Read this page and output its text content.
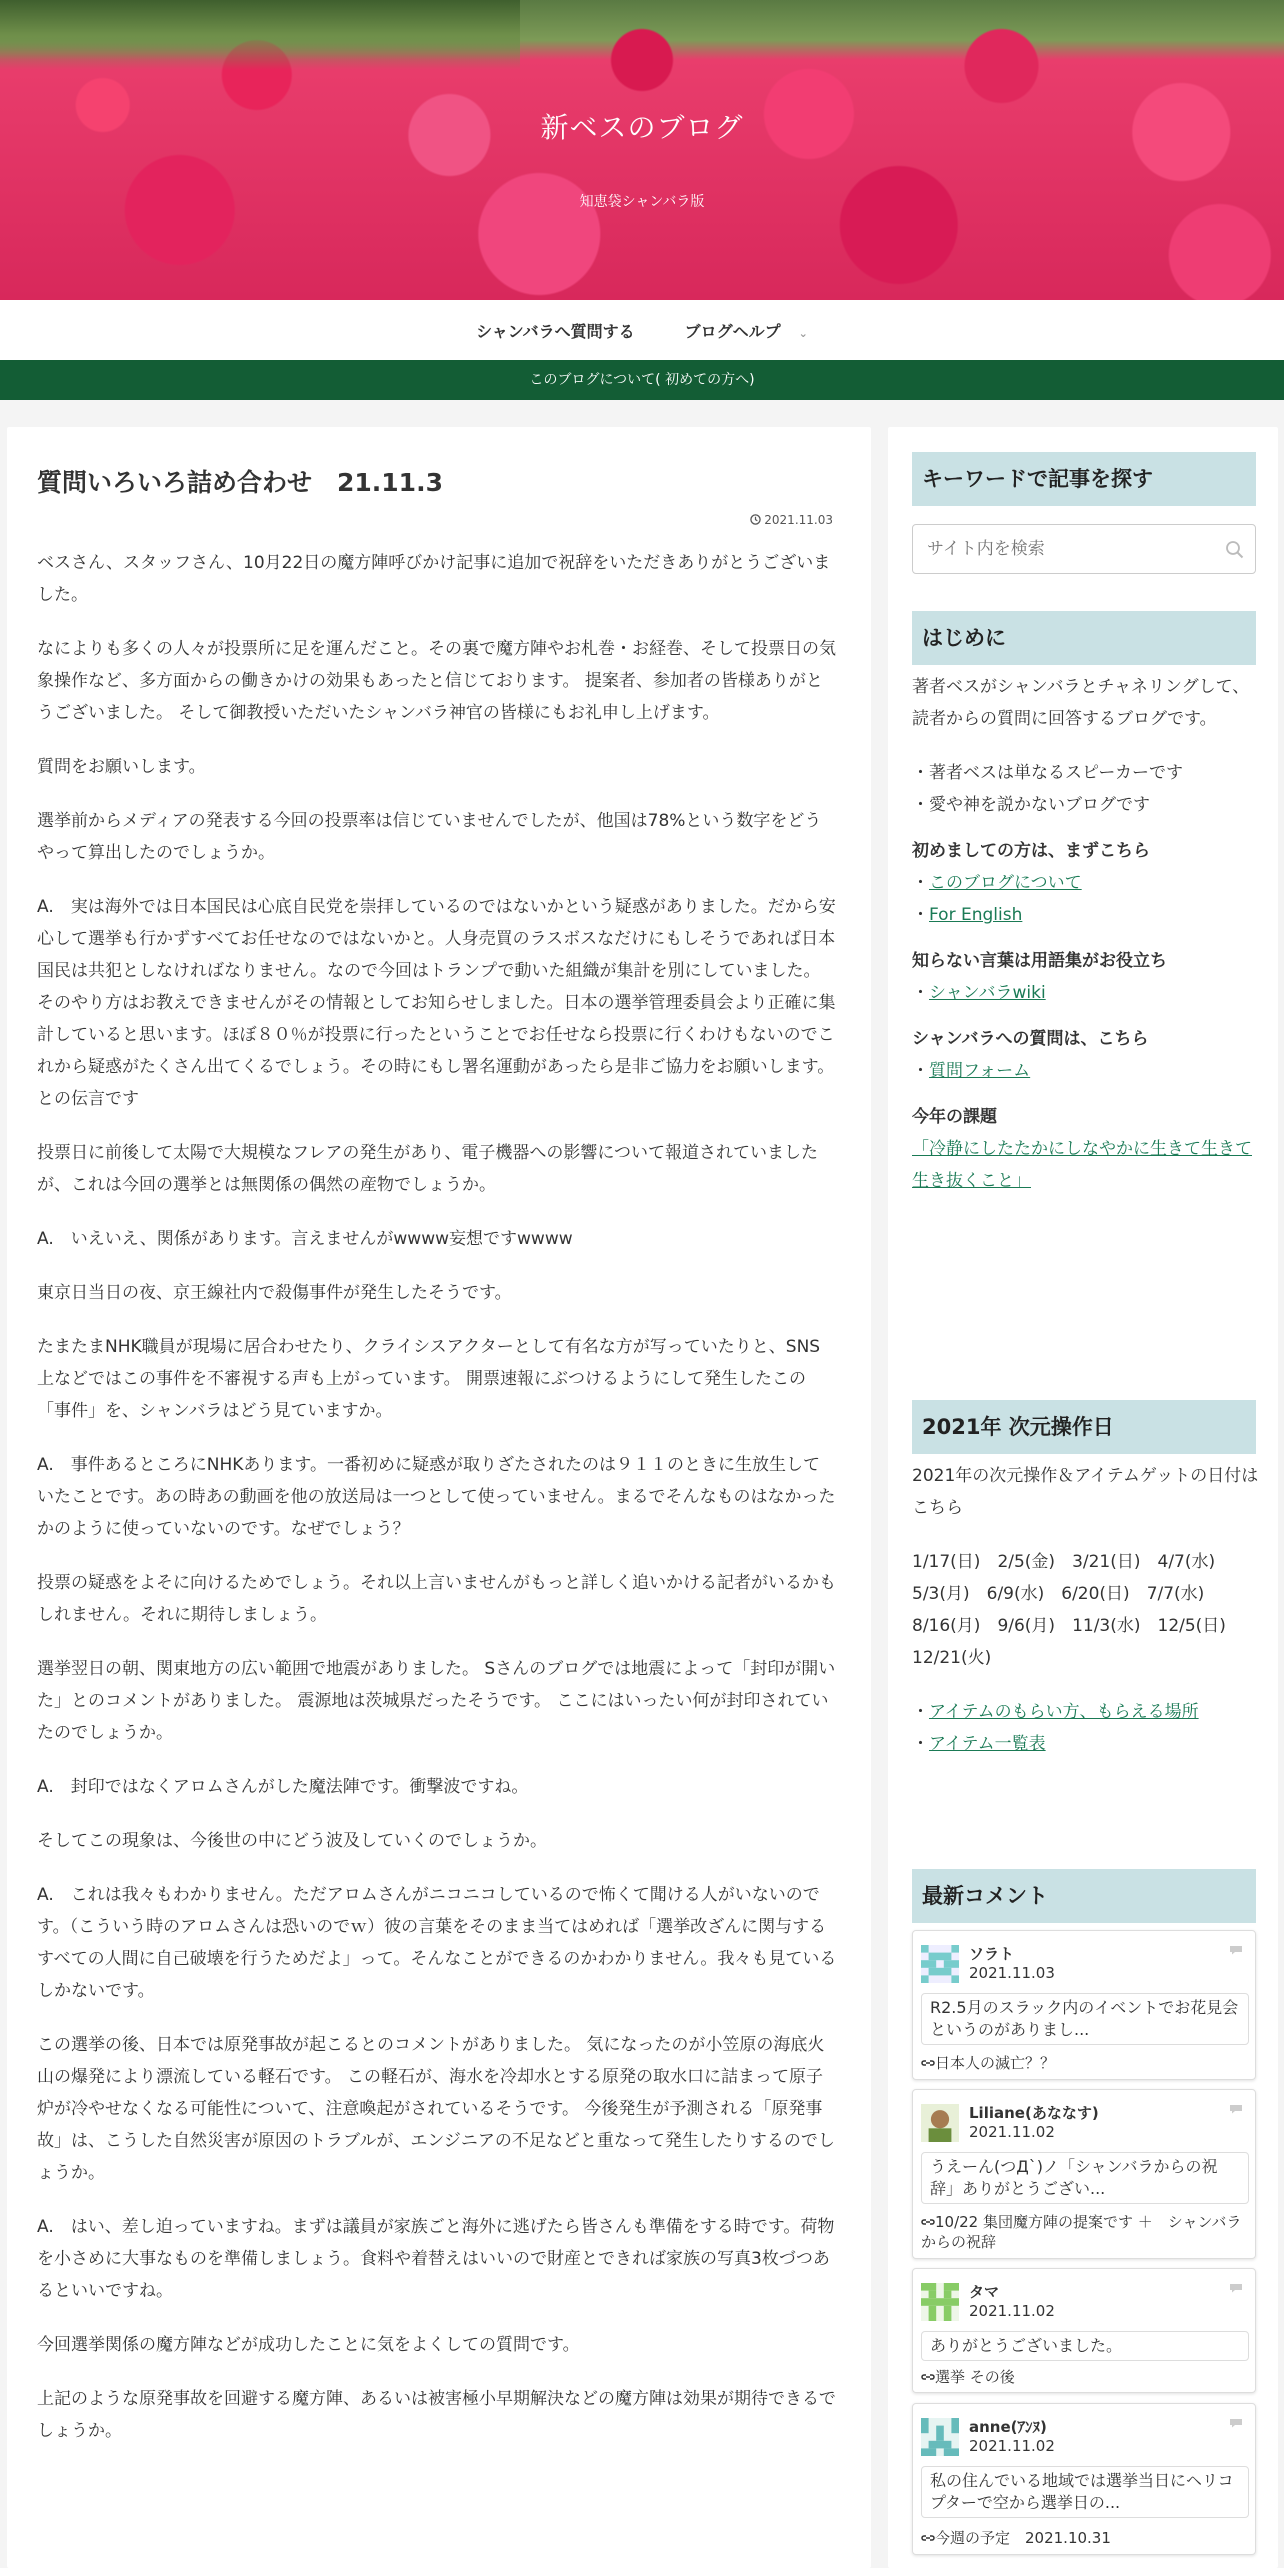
新ベスのブログ
知恵袋シャンバラ版
シャンバラへ質問する	ブログヘルプ ⌄
このブログについて( 初めての方へ)
質問いろいろ詰め合わせ　21.11.3
2021.11.03

ベスさん、スタッフさん、10月22日の魔方陣呼びかけ記事に追加で祝辞をいただきありがとうございました。

なによりも多くの人々が投票所に足を運んだこと。その裏で魔方陣やお札巻・お経巻、そして投票日の気象操作など、多方面からの働きかけの効果もあったと信じております。 提案者、参加者の皆様ありがとうございました。 そして御教授いただいたシャンバラ神官の皆様にもお礼申し上げます。

質問をお願いします。

選挙前からメディアの発表する今回の投票率は信じていませんでしたが、他国は78%という数字をどうやって算出したのでしょうか。

A.　実は海外では日本国民は心底自民党を崇拝しているのではないかという疑惑がありました。だから安心して選挙も行かずすべてお任せなのではないかと。人身売買のラスボスなだけにもしそうであれば日本国民は共犯としなければなりません。なので今回はトランプで動いた組織が集計を別にしていました。そのやり方はお教えできませんがその情報としてお知らせしました。日本の選挙管理委員会より正確に集計していると思います。ほぼ８０％が投票に行ったということでお任せなら投票に行くわけもないのでこれから疑惑がたくさん出てくるでしょう。その時にもし署名運動があったら是非ご協力をお願いします。との伝言です

投票日に前後して太陽で大規模なフレアの発生があり、電子機器への影響について報道されていましたが、これは今回の選挙とは無関係の偶然の産物でしょうか。

A.　いえいえ、関係があります。言えませんがwwww妄想ですwwww

東京日当日の夜、京王線社内で殺傷事件が発生したそうです。

たまたまNHK職員が現場に居合わせたり、クライシスアクターとして有名な方が写っていたりと、SNS上などではこの事件を不審視する声も上がっています。 開票速報にぶつけるようにして発生したこの「事件」を、シャンバラはどう見ていますか。

A.　事件あるところにNHKあります。一番初めに疑惑が取りざたされたのは９１１のときに生放生していたことです。あの時あの動画を他の放送局は一つとして使っていません。まるでそんなものはなかったかのように使っていないのです。なぜでしょう？

投票の疑惑をよそに向けるためでしょう。それ以上言いませんがもっと詳しく追いかける記者がいるかもしれません。それに期待しましょう。

選挙翌日の朝、関東地方の広い範囲で地震がありました。 Sさんのブログでは地震によって「封印が開いた」とのコメントがありました。 震源地は茨城県だったそうです。 ここにはいったい何が封印されていたのでしょうか。

A.　封印ではなくアロムさんがした魔法陣です。衝撃波ですね。

そしてこの現象は、今後世の中にどう波及していくのでしょうか。

A.　これは我々もわかりません。ただアロムさんがニコニコしているので怖くて聞ける人がいないのです。（こういう時のアロムさんは恐いのでｗ）彼の言葉をそのまま当てはめれば「選挙改ざんに関与するすべての人間に自己破壊を行うためだよ」って。そんなことができるのかわかりません。我々も見ているしかないです。

この選挙の後、日本では原発事故が起こるとのコメントがありました。 気になったのが小笠原の海底火山の爆発により漂流している軽石です。 この軽石が、海水を冷却水とする原発の取水口に詰まって原子炉が冷やせなくなる可能性について、注意喚起がされているそうです。 今後発生が予測される「原発事故」は、こうした自然災害が原因のトラブルが、エンジニアの不足などと重なって発生したりするのでしょうか。

A.　はい、差し迫っていますね。まずは議員が家族ごと海外に逃げたら皆さんも準備をする時です。荷物を小さめに大事なものを準備しましょう。食料や着替えはいいので財産とできれば家族の写真3枚づつあるといいですね。

今回選挙関係の魔方陣などが成功したことに気をよくしての質問です。

上記のような原発事故を回避する魔方陣、あるいは被害極小早期解決などの魔方陣は効果が期待できるでしょうか。

キーワードで記事を探す
サイト内を検索
はじめに
著者ベスがシャンバラとチャネリングして、読者からの質問に回答するブログです。
・著者ベスは単なるスピーカーです
・愛や神を説かないブログです
初めましての方は、まずこちら
・このブログについて
・For English
知らない言葉は用語集がお役立ち
・シャンバラwiki
シャンバラへの質問は、こちら
・質問フォーム
今年の課題
「冷静にしたたかにしなやかに生きて生きて生き抜くこと」
2021年 次元操作日
2021年の次元操作＆アイテムゲットの日付はこちら
1/17(日)　2/5(金)　3/21(日)　4/7(水)
5/3(月)　6/9(水)　6/20(日)　7/7(水)
8/16(月)　9/6(月)　11/3(水)　12/5(日)
12/21(火)
・アイテムのもらい方、もらえる場所
・アイテム一覧表
最新コメント
ソラト
2021.11.03
R2.5月のスラック内のイベントでお花見会というのがありまし...
日本人の滅亡？？
Liliane(あななす)
2021.11.02
うえーん(つД`)ノ「シャンバラからの祝辞」ありがとうござい...
10/22 集団魔方陣の提案です ＋　シャンバラからの祝辞
タマ
2021.11.02
ありがとうございました。
選挙 その後
anne(ｱﾝﾇ)
2021.11.02
私の住んでいる地域では選挙当日にヘリコプターで空から選挙日の...
今週の予定　2021.10.31
